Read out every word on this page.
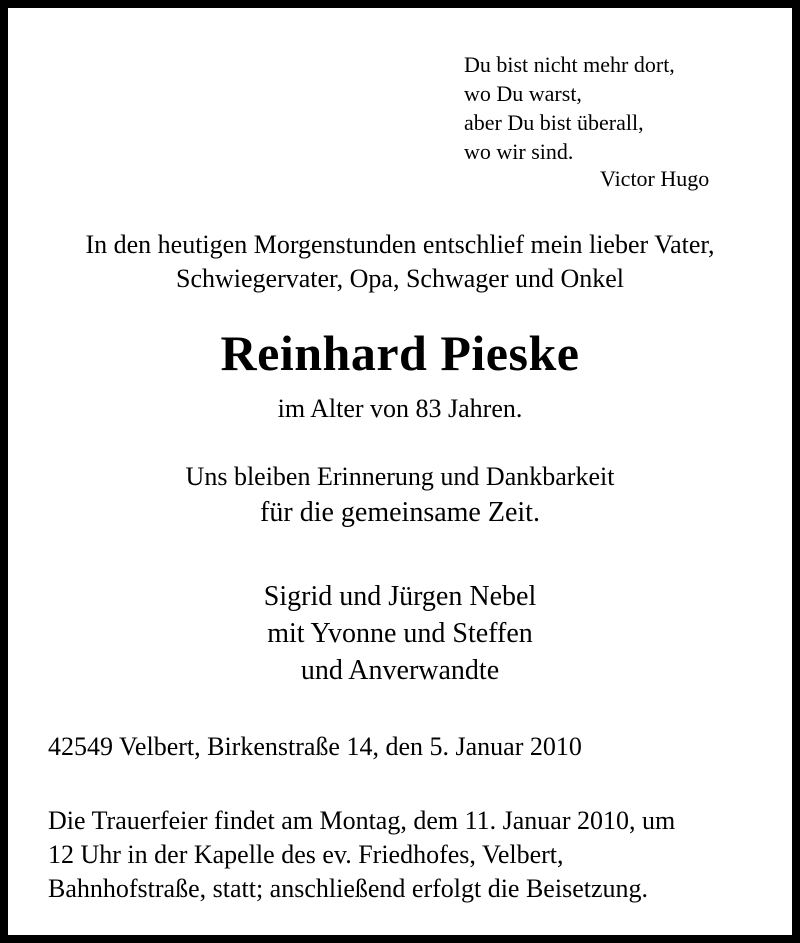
Du bist nicht mehr dort,
wo Du warst,
aber Du bist überall,
wo wir sind.
Victor Hugo
In den heutigen Morgenstunden entschlief mein lieber Vater,
Schwiegervater, Opa, Schwager und Onkel
Reinhard Pieske
im Alter von 83 Jahren.
Uns bleiben Erinnerung und Dankbarkeit
für die gemeinsame Zeit.
Sigrid und Jürgen Nebel
mit Yvonne und Steffen
und Anverwandte
42549 Velbert, Birkenstraße 14, den 5. Januar 2010
Die Trauerfeier findet am Montag, dem 11. Januar 2010, um
12 Uhr in der Kapelle des ev. Friedhofes, Velbert,
Bahnhofstraße, statt; anschließend erfolgt die Beisetzung.
